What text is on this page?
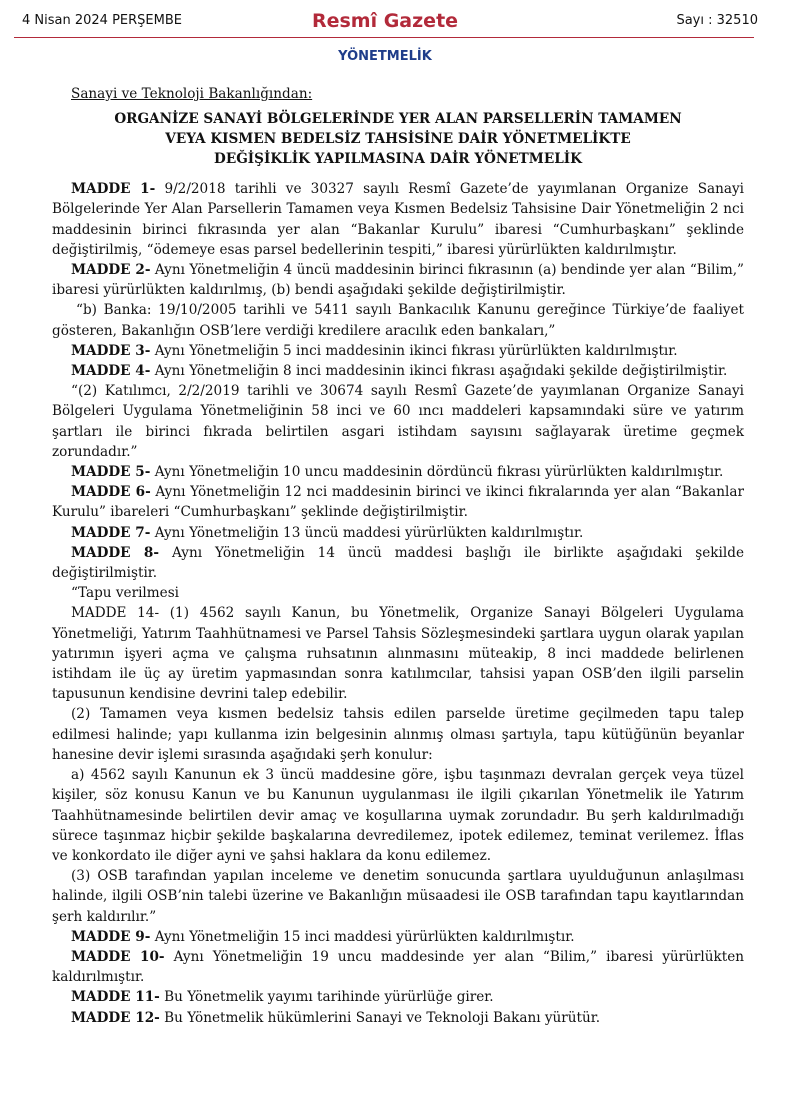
4 Nisan 2024 PERŞEMBE	Resmî Gazete	Sayı : 32510
YÖNETMELİK
Sanayi ve Teknoloji Bakanlığından:
ORGANİZE SANAYİ BÖLGELERİNDE YER ALAN PARSELLERİN TAMAMEN
VEYA KISMEN BEDELSİZ TAHSİSİNE DAİR YÖNETMELİKTE
DEĞİŞİKLİK YAPILMASINA DAİR YÖNETMELİK

MADDE 1- 9/2/2018 tarihli ve 30327 sayılı Resmî Gazete’de yayımlanan Organize Sanayi Bölgelerinde Yer Alan Parsellerin Tamamen veya Kısmen Bedelsiz Tahsisine Dair Yönetmeliğin 2 nci maddesinin birinci fıkrasında yer alan “Bakanlar Kurulu” ibaresi “Cumhurbaşkanı” şeklinde değiştirilmiş, “ödemeye esas parsel bedellerinin tespiti,” ibaresi yürürlükten kaldırılmıştır.

MADDE 2- Aynı Yönetmeliğin 4 üncü maddesinin birinci fıkrasının (a) bendinde yer alan “Bilim,” ibaresi yürürlükten kaldırılmış, (b) bendi aşağıdaki şekilde değiştirilmiştir.

“b) Banka: 19/10/2005 tarihli ve 5411 sayılı Bankacılık Kanunu gereğince Türkiye’de faaliyet gösteren, Bakanlığın OSB’lere verdiği kredilere aracılık eden bankaları,”

MADDE 3- Aynı Yönetmeliğin 5 inci maddesinin ikinci fıkrası yürürlükten kaldırılmıştır.

MADDE 4- Aynı Yönetmeliğin 8 inci maddesinin ikinci fıkrası aşağıdaki şekilde değiştirilmiştir.

“(2) Katılımcı, 2/2/2019 tarihli ve 30674 sayılı Resmî Gazete’de yayımlanan Organize Sanayi Bölgeleri Uygulama Yönetmeliğinin 58 inci ve 60 ıncı maddeleri kapsamındaki süre ve yatırım şartları ile birinci fıkrada belirtilen asgari istihdam sayısını sağlayarak üretime geçmek zorundadır.”

MADDE 5- Aynı Yönetmeliğin 10 uncu maddesinin dördüncü fıkrası yürürlükten kaldırılmıştır.

MADDE 6- Aynı Yönetmeliğin 12 nci maddesinin birinci ve ikinci fıkralarında yer alan “Bakanlar Kurulu” ibareleri “Cumhurbaşkanı” şeklinde değiştirilmiştir.

MADDE 7- Aynı Yönetmeliğin 13 üncü maddesi yürürlükten kaldırılmıştır.

MADDE 8- Aynı Yönetmeliğin 14 üncü maddesi başlığı ile birlikte aşağıdaki şekilde değiştirilmiştir.

“Tapu verilmesi

MADDE 14- (1) 4562 sayılı Kanun, bu Yönetmelik, Organize Sanayi Bölgeleri Uygulama Yönetmeliği, Yatırım Taahhütnamesi ve Parsel Tahsis Sözleşmesindeki şartlara uygun olarak yapılan yatırımın işyeri açma ve çalışma ruhsatının alınmasını müteakip, 8 inci maddede belirlenen istihdam ile üç ay üretim yapmasından sonra katılımcılar, tahsisi yapan OSB’den ilgili parselin tapusunun kendisine devrini talep edebilir.

(2) Tamamen veya kısmen bedelsiz tahsis edilen parselde üretime geçilmeden tapu talep edilmesi halinde; yapı kullanma izin belgesinin alınmış olması şartıyla, tapu kütüğünün beyanlar hanesine devir işlemi sırasında aşağıdaki şerh konulur:

a) 4562 sayılı Kanunun ek 3 üncü maddesine göre, işbu taşınmazı devralan gerçek veya tüzel kişiler, söz konusu Kanun ve bu Kanunun uygulanması ile ilgili çıkarılan Yönetmelik ile Yatırım Taahhütnamesinde belirtilen devir amaç ve koşullarına uymak zorundadır. Bu şerh kaldırılmadığı sürece taşınmaz hiçbir şekilde başkalarına devredilemez, ipotek edilemez, teminat verilemez. İflas ve konkordato ile diğer ayni ve şahsi haklara da konu edilemez.

(3) OSB tarafından yapılan inceleme ve denetim sonucunda şartlara uyulduğunun anlaşılması halinde, ilgili OSB’nin talebi üzerine ve Bakanlığın müsaadesi ile OSB tarafından tapu kayıtlarından şerh kaldırılır.”

MADDE 9- Aynı Yönetmeliğin 15 inci maddesi yürürlükten kaldırılmıştır.

MADDE 10- Aynı Yönetmeliğin 19 uncu maddesinde yer alan “Bilim,” ibaresi yürürlükten kaldırılmıştır.

MADDE 11- Bu Yönetmelik yayımı tarihinde yürürlüğe girer.

MADDE 12- Bu Yönetmelik hükümlerini Sanayi ve Teknoloji Bakanı yürütür.
